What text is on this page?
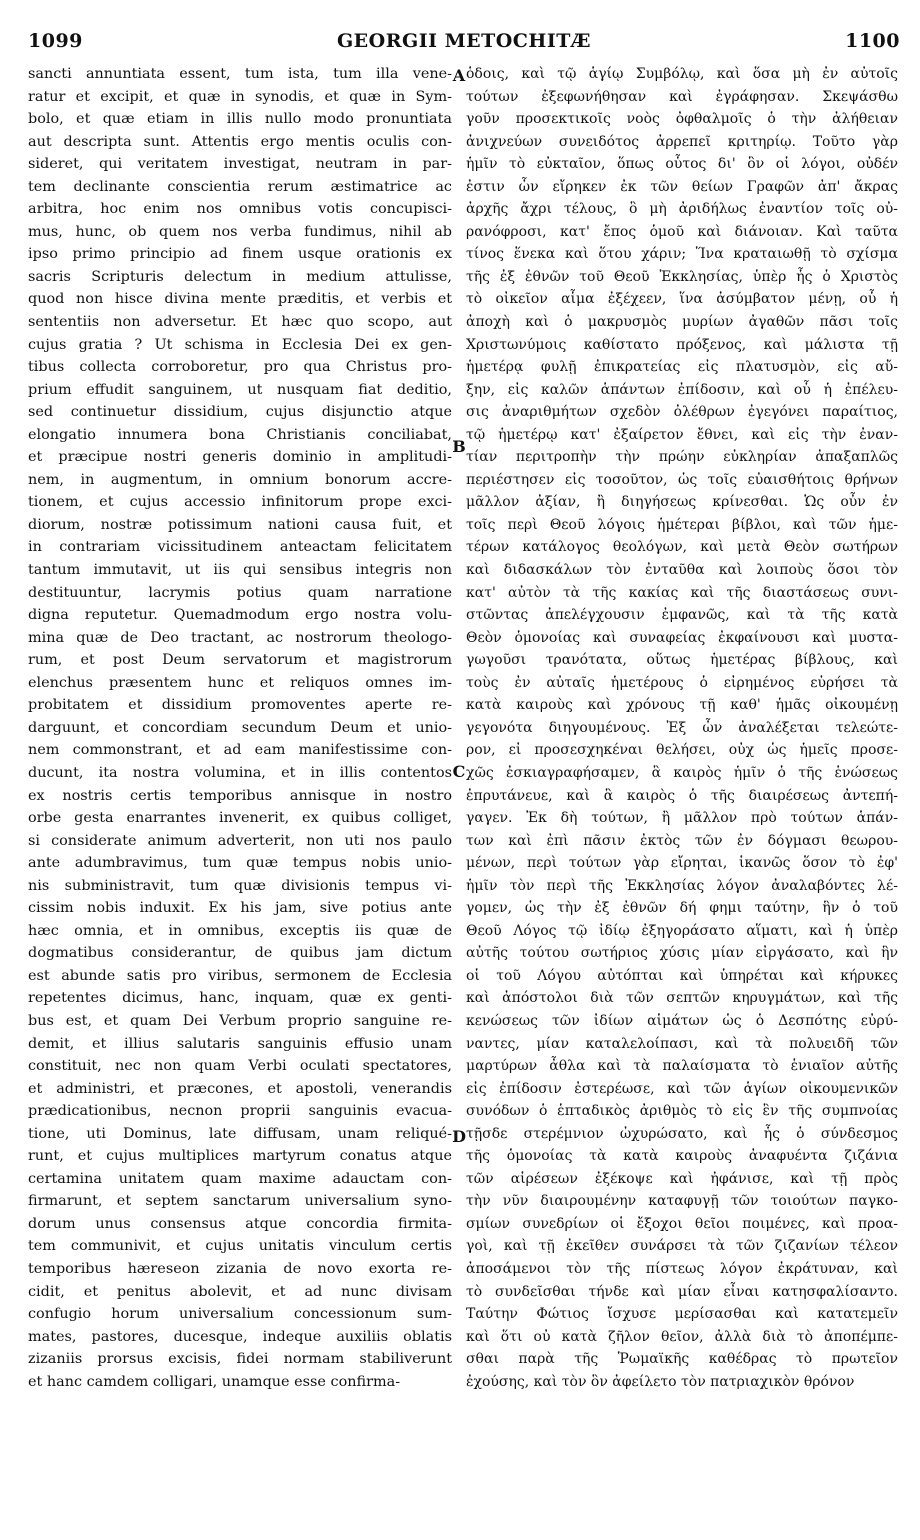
1099	GEORGII METOCHITÆ	1100
sancti annuntiata essent, tum ista, tum illa vene-
ratur et excipit, et quæ in synodis, et quæ in Sym-
bolo, et quæ etiam in illis nullo modo pronuntiata
aut descripta sunt. Attentis ergo mentis oculis con-
sideret, qui veritatem investigat, neutram in par-
tem declinante conscientia rerum æstimatrice ac
arbitra, hoc enim nos omnibus votis concupisci-
mus, hunc, ob quem nos verba fundimus, nihil ab
ipso primo principio ad finem usque orationis ex
sacris Scripturis delectum in medium attulisse,
quod non hisce divina mente præditis, et verbis et
sententiis non adversetur. Et hæc quo scopo, aut
cujus gratia ? Ut schisma in Ecclesia Dei ex gen-
tibus collecta corroboretur, pro qua Christus pro-
prium effudit sanguinem, ut nusquam fiat deditio,
sed continuetur dissidium, cujus disjunctio atque
elongatio innumera bona Christianis conciliabat,
et præcipue nostri generis dominio in amplitudi-
nem, in augmentum, in omnium bonorum accre-
tionem, et cujus accessio infinitorum prope exci-
diorum, nostræ potissimum nationi causa fuit, et
in contrariam vicissitudinem anteactam felicitatem
tantum immutavit, ut iis qui sensibus integris non
destituuntur, lacrymis potius quam narratione
digna reputetur. Quemadmodum ergo nostra volu-
mina quæ de Deo tractant, ac nostrorum theologo-
rum, et post Deum servatorum et magistrorum
elenchus præsentem hunc et reliquos omnes im-
probitatem et dissidium promoventes aperte re-
darguunt, et concordiam secundum Deum et unio-
nem commonstrant, et ad eam manifestissime con-
ducunt, ita nostra volumina, et in illis contentos
ex nostris certis temporibus annisque in nostro
orbe gesta enarrantes invenerit, ex quibus colliget,
si considerate animum adverterit, non uti nos paulo
ante adumbravimus, tum quæ tempus nobis unio-
nis subministravit, tum quæ divisionis tempus vi-
cissim nobis induxit. Ex his jam, sive potius ante
hæc omnia, et in omnibus, exceptis iis quæ de
dogmatibus considerantur, de quibus jam dictum
est abunde satis pro viribus, sermonem de Ecclesia
repetentes dicimus, hanc, inquam, quæ ex genti-
bus est, et quam Dei Verbum proprio sanguine re-
demit, et illius salutaris sanguinis effusio unam
constituit, nec non quam Verbi oculati spectatores,
et administri, et præcones, et apostoli, venerandis
prædicationibus, necnon proprii sanguinis evacua-
tione, uti Dominus, late diffusam, unam reliqué-
runt, et cujus multiplices martyrum conatus atque
certamina unitatem quam maxime adauctam con-
firmarunt, et septem sanctarum universalium syno-
dorum unus consensus atque concordia firmita-
tem communivit, et cujus unitatis vinculum certis
temporibus hæreseon zizania de novo exorta re-
cidit, et penitus abolevit, et ad nunc divisam
confugio horum universalium concessionum sum-
mates, pastores, ducesque, indeque auxiliis oblatis
zizaniis prorsus excisis, fidei normam stabiliverunt
et hanc camdem colligari, unamque esse confirma-
A
B
C
D
ὁδοις, καὶ τῷ ἁγίῳ Συμβόλῳ, καὶ ὅσα μὴ ἐν αὐτοῖς
τούτων ἐξεφωνήθησαν καὶ ἐγράφησαν. Σκεψάσθω
γοῦν προσεκτικοῖς νοὸς ὀφθαλμοῖς ὁ τὴν ἀλήθειαν
ἀνιχνεύων συνειδότος ἀρρεπεῖ κριτηρίῳ. Τοῦτο γὰρ
ἡμῖν τὸ εὐκταῖον, ὅπως οὗτος δι' ὃν οἱ λόγοι, οὐδέν
ἐστιν ὧν εἴρηκεν ἐκ τῶν θείων Γραφῶν ἀπ' ἄκρας
ἀρχῆς ἄχρι τέλους, ὃ μὴ ἀριδήλως ἐναντίον τοῖς οὐ-
ρανόφροσι, κατ' ἔπος ὁμοῦ καὶ διάνοιαν. Καὶ ταῦτα
τίνος ἕνεκα καὶ ὅτου χάριν; Ἵνα κραταιωθῇ τὸ σχίσμα
τῆς ἐξ ἐθνῶν τοῦ Θεοῦ Ἐκκλησίας, ὑπὲρ ἧς ὁ Χριστὸς
τὸ οἰκεῖον αἷμα ἐξέχεεν, ἵνα ἀσύμβατον μένῃ, οὗ ἡ
ἀποχὴ καὶ ὁ μακρυσμὸς μυρίων ἀγαθῶν πᾶσι τοῖς
Χριστωνύμοις καθίστατο πρόξενος, καὶ μάλιστα τῇ
ἡμετέρᾳ φυλῇ ἐπικρατείας εἰς πλατυσμὸν, εἰς αὔ-
ξην, εἰς καλῶν ἁπάντων ἐπίδοσιν, καὶ οὗ ἡ ἐπέλευ-
σις ἀναριθμήτων σχεδὸν ὀλέθρων ἐγεγόνει παραίτιος,
τῷ ἡμετέρῳ κατ' ἐξαίρετον ἔθνει, καὶ εἰς τὴν ἐναν-
τίαν περιτροπὴν τὴν πρώην εὐκληρίαν ἀπαξαπλῶς
περιέστησεν εἰς τοσοῦτον, ὡς τοῖς εὐαισθήτοις θρήνων
μᾶλλον ἀξίαν, ἢ διηγήσεως κρίνεσθαι. Ὡς οὖν ἐν
τοῖς περὶ Θεοῦ λόγοις ἡμέτεραι βίβλοι, καὶ τῶν ἡμε-
τέρων κατάλογος θεολόγων, καὶ μετὰ Θεὸν σωτήρων
καὶ διδασκάλων τὸν ἐνταῦθα καὶ λοιποὺς ὅσοι τὸν
κατ' αὐτὸν τὰ τῆς κακίας καὶ τῆς διαστάσεως συνι-
στῶντας ἀπελέγχουσιν ἐμφανῶς, καὶ τὰ τῆς κατὰ
Θεὸν ὁμονοίας καὶ συναφείας ἐκφαίνουσι καὶ μυστα-
γωγοῦσι τρανότατα, οὕτως ἡμετέρας βίβλους, καὶ
τοὺς ἐν αὐταῖς ἡμετέρους ὁ εἰρημένος εὑρήσει τὰ
κατὰ καιροὺς καὶ χρόνους τῇ καθ' ἡμᾶς οἰκουμένῃ
γεγονότα διηγουμένους. Ἐξ ὧν ἀναλέξεται τελεώτε-
ρον, εἰ προσεσχηκέναι θελήσει, οὐχ ὡς ἡμεῖς προσε-
χῶς ἐσκιαγραφήσαμεν, ἃ καιρὸς ἡμῖν ὁ τῆς ἑνώσεως
ἐπρυτάνευε, καὶ ἃ καιρὸς ὁ τῆς διαιρέσεως ἀντεπή-
γαγεν. Ἐκ δὴ τούτων, ἢ μᾶλλον πρὸ τούτων ἁπάν-
των καὶ ἐπὶ πᾶσιν ἐκτὸς τῶν ἐν δόγμασι θεωρου-
μένων, περὶ τούτων γὰρ εἴρηται, ἱκανῶς ὅσον τὸ ἐφ'
ἡμῖν τὸν περὶ τῆς Ἐκκλησίας λόγον ἀναλαβόντες λέ-
γομεν, ὡς τὴν ἐξ ἐθνῶν δή φημι ταύτην, ἣν ὁ τοῦ
Θεοῦ Λόγος τῷ ἰδίῳ ἐξηγοράσατο αἵματι, καὶ ἡ ὑπὲρ
αὐτῆς τούτου σωτήριος χύσις μίαν εἰργάσατο, καὶ ἣν
οἱ τοῦ Λόγου αὐτόπται καὶ ὑπηρέται καὶ κήρυκες
καὶ ἀπόστολοι διὰ τῶν σεπτῶν κηρυγμάτων, καὶ τῆς
κενώσεως τῶν ἰδίων αἱμάτων ὡς ὁ Δεσπότης εὐρύ-
ναντες, μίαν καταλελοίπασι, καὶ τὰ πολυειδῆ τῶν
μαρτύρων ἆθλα καὶ τὰ παλαίσματα τὸ ἑνιαῖον αὐτῆς
εἰς ἐπίδοσιν ἐστερέωσε, καὶ τῶν ἁγίων οἰκουμενικῶν
συνόδων ὁ ἑπταδικὸς ἀριθμὸς τὸ εἰς ἓν τῆς συμπνοίας
τῇσδε στερέμνιον ὠχυρώσατο, καὶ ἧς ὁ σύνδεσμος
τῆς ὁμονοίας τὰ κατὰ καιροὺς ἀναφυέντα ζιζάνια
τῶν αἱρέσεων ἐξέκοψε καὶ ἠφάνισε, καὶ τῇ πρὸς
τὴν νῦν διαιρουμένην καταφυγῇ τῶν τοιούτων παγκο-
σμίων συνεδρίων οἱ ἔξοχοι θεῖοι ποιμένες, καὶ προα-
γοὶ, καὶ τῇ ἐκεῖθεν συνάρσει τὰ τῶν ζιζανίων τέλεον
ἀποσάμενοι τὸν τῆς πίστεως λόγον ἐκράτυναν, καὶ
τὸ συνδεῖσθαι τήνδε καὶ μίαν εἶναι κατησφαλίσαντο.
Ταύτην Φώτιος ἴσχυσε μερίσασθαι καὶ κατατεμεῖν
καὶ ὅτι οὐ κατὰ ζῆλον θεῖον, ἀλλὰ διὰ τὸ ἀποπέμπε-
σθαι παρὰ τῆς Ῥωμαϊκῆς καθέδρας τὸ πρωτεῖον
ἐχούσης, καὶ τὸν ὃν ἀφείλετο τὸν πατριαχικὸν θρόνον
